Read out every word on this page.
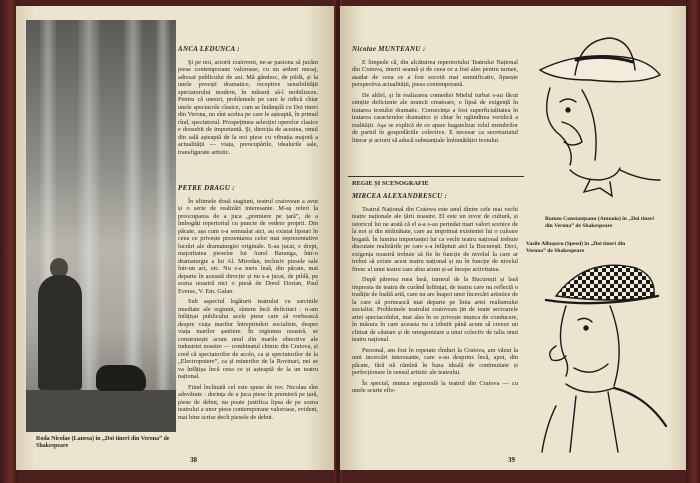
Roda Nicolae (Lanesa) in „Doi tineri din Verona” de Shakespeare
ANCA LEDUNCA :

Şi pe noi, actorii craioveni, ne-ar pasiona să jucăm piese contemporane valoroase, cu un ardent mesaj, adresat publicului de azi. Mă gândesc, de pildă, și la unele povești dramatice, receptive sensibilității spectatorului modern, în măsură să-l mobilizeze. Pentru că uneori, problemele pe care le ridică chiar unele spectacole clasice, cum se întâmplă cu Doi tineri din Verona, nu sînt acelea pe care le așteaptă, în primul rînd, spectatorul. Prospețimea selecției operelor clasice e deosebit de importantă. Şi, direcția de acestea, omul din sală așteaptă de la noi piese cu vibrația majoră a actualității — viața, preocupările, idealurile sale, transfigurate artistic.

PETRE DRAGU :

În ultimele două stagiuni, teatrul craiovean a avut și o serie de realizări interesante. M-aș referi la preocuparea de a juca „premiere pe țară”, de a îmbogăți repertoriul cu puncte de vedere proprii. Din păcate, așa cum s-a semnalat aici, au existat lipsuri în ceea ce privește prezentarea celor mai reprezentative lucrări ale dramaturgiei originale. S-au jucat, e drept, majoritatea pieselor lui Aurel Baranga, într-o dramaturgie a lui Al. Mirodan, inclusiv piesele sale într-un act, etc. Nu s-a mers însă, din păcate, mai departe în această direcție și nu s-a jucat, de pildă, pe scena noastră nici o piesă de Dorel Dorian, Paul Everac, V. Em. Galan.

Sub aspectul legăturii teatrului cu sarcinile imediate ale regiunii, sîntem încă deficitari : n-am înfățișat publicului acele piese care să vorbească despre viața marilor întreprinderi socialiste, despre viața marilor șantiere. În regiunea noastră, se construiește acum unul din marile obiective ale industriei noastre — combinatul chimic din Craiova, și cred că spectatorilor de acolo, ca și spectatorilor de la „Electroputere”, ca și minerilor de la Rovinari, nei se va înfățișa încă ceea ce și așteaptă de la un teatru național.

Fiind înclinată cel este spuse de tov. Nicolau sînt adevărate : dorința de a juca piese în premieră pe țară, piese de debut, nu poate justifica lipsa de pe scena teatrului a unor piese contemporane valoroase, evident, mai bine scrise decît piesele de debut.

38
Nicolae MUNTEANU :

E limpede că, din alcătuirea repertoriului Teatrului Național din Craiova, tinerii seamă și de ceea ce a fost ales pentru turnee, asadar de ceea ce a fost socotit mai semnificativ, lipsește perspectiva actualității, piesa contemporană.

De altfel, și în realizarea comediei Mielul turbat s-au făcut simțite deficiente ale muncii creatoare, o lipsă de exigență în tratarea textului dramatic. Consecința a fost superficialitatea în tratarea caracterelor dramatice și chiar în oglindirea veridică a realității. Aşa se explică de ce apare bagatelizat rolul membrilor de partid în gospodăriile colective. E necesar ca secretariatul literar și actorii să aducă substanțiale îmbunătățiri textului.

REGIE ȘI SCENOGRAFIE
MIRCEA ALEXANDRESCU :

Teatrul Național din Craiova este unul dintre cele mai vechi teatre naționale ale țării noastre. El este un izvor de cultură, și istoricul lui ne arată că el a-a s-au perindat mari valori scenice de la noi și din străinătate, care au imprimat existentei lui o culoare bogată. În lumina importanței lui ca vechi teatru național trebuie discutate realizările pe care s-a înfăptuit aici la București. Deci, exigența noastră trebuie să fie în funcție de nivelul la care ar trebui să existe acest teatru național și nu în funcție de nivelul firesc al unui teatru care abia acum și-ar începe activitatea.

După părerea mea însă, turneul de la București și lasă impresia de teatru de curând înființat, de teatru care nu reflectă o tradiție de înaltă artă, care nu are înapoi unor încercări artistice de la care să pornească mai departe pe linia artei realismului socialist. Problemele teatrului craiovean țin de toate sectoarele artei spectacolului, mai ales în ce privește munca de conducere, în măsura în care aceasta nu a izbutit până acum să creeze un climat de căutare și de omogenizare a unui colectiv de talia unui teatru național.

Personal, am fost în repetate rînduri la Craiova, am văzut la unii incercări interesante, care s-au desprins încă, apoi, din păcate, fără nă rămînă în baza ideală de continuitate și perfecționare în sensul artistic ale teatrului.

În special, munca regizorală la teatrul din Craiova — cu unele scurte eflo-

Romeo Constanţeanu (Antonio) în „Doi tineri din Verona” de Shakespeare
Vasile Albuşoru (Speed) în „Doi tineri din Verona” de Shakespeare
39
